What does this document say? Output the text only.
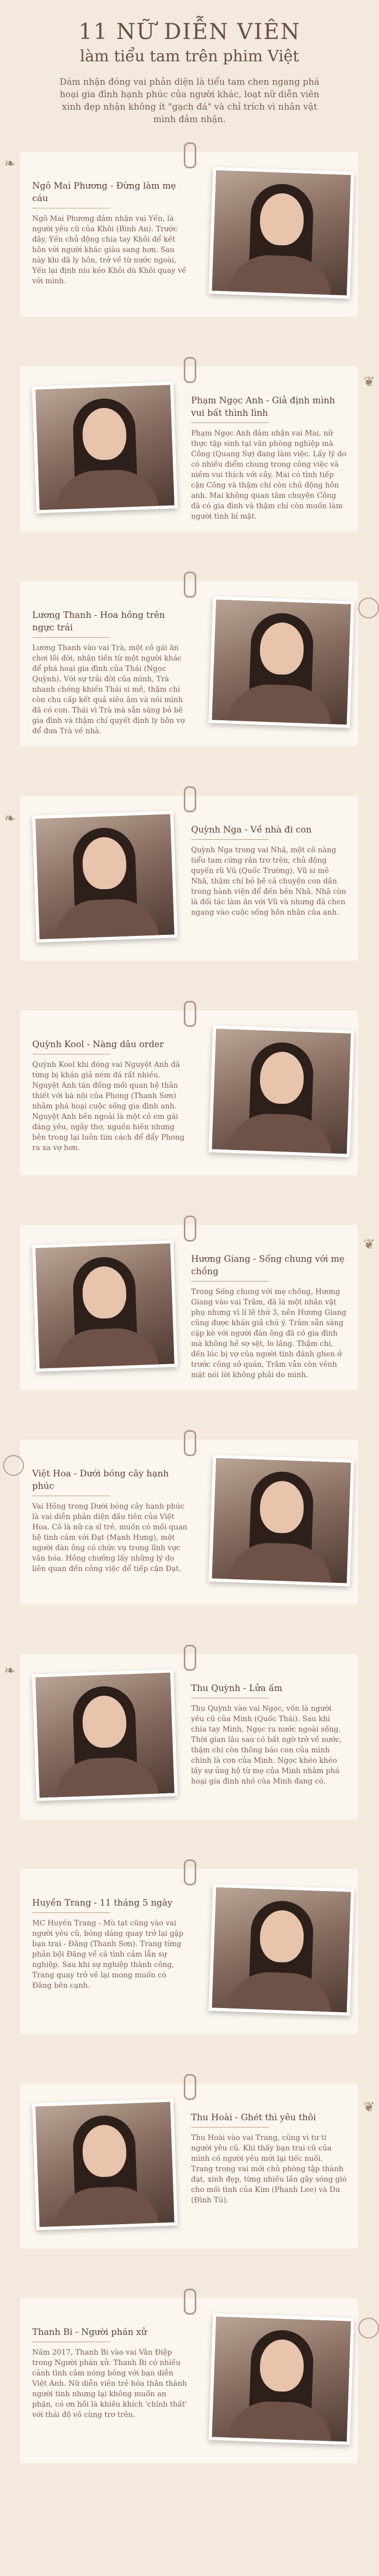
11 NỮ DIỄN VIÊN
làm tiểu tam trên phim Việt

Dám nhận đóng vai phản diện là tiểu tam chen ngang phá hoại gia đình hạnh phúc của người khác, loạt nữ diễn viên xinh đẹp nhận không ít "gạch đá" và chỉ trích vì nhân vật mình đảm nhận.

Ngô Mai Phương - Đừng làm mẹ cáu

Ngô Mai Phương đảm nhận vai Yến, là người yêu cũ của Khôi (Bình An). Trước đây, Yến chủ động chia tay Khôi để kết hôn với người khác giàu sang hơn. Sau này khi đã ly hôn, trở về từ nước ngoài, Yến lại định níu kéo Khôi dù Khôi quay về với mình.

Phạm Ngọc Anh - Giả định mình vui bất thình lình

Phạm Ngọc Anh đảm nhận vai Mai, nữ thực tập sinh tại văn phòng nghiệp mà Công (Quang Sự) đang làm việc. Lấy lý do có nhiều điểm chung trong công việc và niềm vui thích với cây, Mai có tình tiếp cận Công và thậm chí còn chủ động hôn anh. Mai không quan tâm chuyện Công đã có gia đình và thậm chí còn muốn làm người tình bí mật.

Lương Thanh - Hoa hồng trên ngực trái

Lương Thanh vào vai Trà, một cô gái ăn chơi lõi đời, nhận tiền từ một người khác để phá hoại gia đình của Thái (Ngọc Quỳnh). Với sự trải đời của mình, Trà nhanh chóng khiến Thái si mê, thậm chí còn chu cấp kết quả siêu âm và nói mình đã có con. Thái vì Trà mà sẵn sàng bỏ bê gia đình và thậm chí quyết định ly hôn vợ để đưa Trà về nhà.

Quỳnh Nga - Về nhà đi con

Quỳnh Nga trong vai Nhã, một cô nàng tiểu tam cứng rắn trơ trẽn, chủ động quyến rũ Vũ (Quốc Trường). Vũ si mê Nhã, thậm chí bỏ bê cả chuyện con dần trong hành viện để đến bên Nhã. Nhã còn là đối tác làm ăn với Vũ và nhưng đã chen ngang vào cuộc sống hôn nhân của anh.

Quỳnh Kool - Nàng dâu order

Quỳnh Kool khi đóng vai Nguyệt Anh đã từng bị khán giả ném đá rất nhiều. Nguyệt Anh tán đồng mối quan hệ thân thiết với bà nội của Phong (Thanh Sơn) nhằm phá hoại cuộc sống gia đình anh. Nguyệt Anh bên ngoài là một cô em gái đáng yêu, ngây thơ, nguồn hiền nhưng bên trong lại luôn tìm cách để đẩy Phong ra xa vợ hơn.

Hương Giang - Sống chung với mẹ chồng

Trong Sống chung với mẹ chồng, Hương Giang vào vai Trâm, đã là một nhân vật phụ nhưng vì lí lẽ thứ 3, nên Hương Giang cũng được khán giả chú ý. Trâm sẵn sàng cặp kè với người đàn ông đã có gia đình mà không hề sợ sệt, lo lắng. Thậm chí, đến lúc bị vợ của người tình đánh ghen ở trước công sở quán, Trâm vẫn còn vênh mặt nói lời không phải do mình.

Việt Hoa - Dưới bóng cây hạnh phúc

Vai Hồng trong Dưới bóng cây hạnh phúc là vai diễn phản diện đầu tiên của Việt Hoa. Cô là nữ ca sĩ trẻ, muốn có mối quan hệ tình cảm với Đạt (Mạnh Hưng), một người đàn ông có chức vụ trong lĩnh vực văn hóa. Hồng chưởng lấy những lý do liên quan đến công việc để tiếp cận Đạt.

Thu Quỳnh - Lửa ấm

Thu Quỳnh vào vai Ngọc, vốn là người yêu cũ của Minh (Quốc Thái). Sau khi chia tay Minh, Ngọc ra nước ngoài sống. Thời gian lâu sau có bất ngờ trở về nước, thậm chí còn thông báo con của mình chính là con của Minh. Ngọc khéo khéo lấy sự ủng hộ từ mẹ của Minh nhằm phá hoại gia đình nhỏ của Minh đang có.

Huyền Trang - 11 tháng 5 ngày

MC Huyền Trang - Mù tạt cũng vào vai người yêu cũ, bóng dáng quay trở lại gặp bạn trai - Đăng (Thanh Sơn). Trang từng phản bội Đăng về cả tình cảm lẫn sự nghiệp. Sau khi sự nghiệp thành công, Trang quay trở về lại mong muốn có Đăng bên cạnh.

Thu Hoài - Ghét thì yêu thôi

Thu Hoài vào vai Trang, cũng vì tư ti người yêu cũ. Khi thấy bạn trai cũ của mình có người yêu mới lại tiếc nuối. Trang trong vai mới chủ phòng tập thành đạt, xinh đẹp, từng nhiều lần gây sóng gió cho mối tình của Kim (Phanh Lee) và Du (Đình Tú).

Thanh Bi - Người phán xử

Năm 2017, Thanh Bi vào vai Vân Điệp trong Người phán xử. Thanh Bi có nhiều cảnh tình cảm nóng bỏng với bạn diễn Việt Anh. Nữ diễn viên trẻ hóa thân thành người tình nhưng lại không muốn an phận, có ơn hồi là khiêu khích 'chính thất' với thái độ vô cùng trơ trẽn.

❧
❦
❧
❦
❧
❦
